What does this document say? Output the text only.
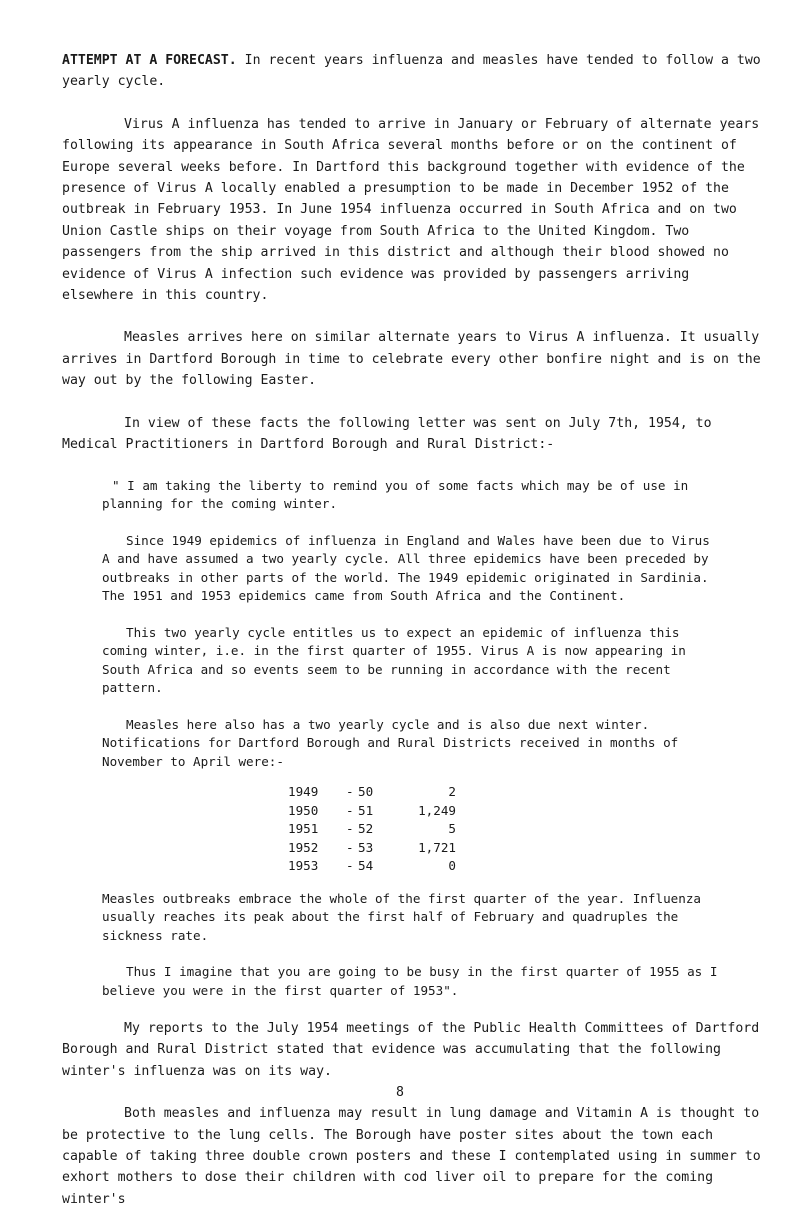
ATTEMPT AT A FORECAST. In recent years influenza and measles have tended to follow a two yearly cycle.

Virus A influenza has tended to arrive in January or February of alternate years following its appearance in South Africa several months before or on the continent of Europe several weeks before. In Dartford this background together with evidence of the presence of Virus A locally enabled a presumption to be made in December 1952 of the outbreak in February 1953. In June 1954 influenza occurred in South Africa and on two Union Castle ships on their voyage from South Africa to the United Kingdom. Two passengers from the ship arrived in this district and although their blood showed no evidence of Virus A infection such evidence was provided by passengers arriving elsewhere in this country.

Measles arrives here on similar alternate years to Virus A influenza. It usually arrives in Dartford Borough in time to celebrate every other bonfire night and is on the way out by the following Easter.

In view of these facts the following letter was sent on July 7th, 1954, to Medical Practitioners in Dartford Borough and Rural District:-

" I am taking the liberty to remind you of some facts which may be of use in planning for the coming winter.

Since 1949 epidemics of influenza in England and Wales have been due to Virus A and have assumed a two yearly cycle. All three epidemics have been preceded by outbreaks in other parts of the world. The 1949 epidemic originated in Sardinia. The 1951 and 1953 epidemics came from South Africa and the Continent.

This two yearly cycle entitles us to expect an epidemic of influenza this coming winter, i.e. in the first quarter of 1955. Virus A is now appearing in South Africa and so events seem to be running in accordance with the recent pattern.

Measles here also has a two yearly cycle and is also due next winter. Notifications for Dartford Borough and Rural Districts received in months of November to April were:-

1949	-	50	2
1950	-	51	1,249
1951	-	52	5
1952	-	53	1,721
1953	-	54	0

Measles outbreaks embrace the whole of the first quarter of the year. Influenza usually reaches its peak about the first half of February and quadruples the sickness rate.

Thus I imagine that you are going to be busy in the first quarter of 1955 as I believe you were in the first quarter of 1953".

My reports to the July 1954 meetings of the Public Health Committees of Dartford Borough and Rural District stated that evidence was accumulating that the following winter's influenza was on its way.

Both measles and influenza may result in lung damage and Vitamin A is thought to be protective to the lung cells. The Borough have poster sites about the town each capable of taking three double crown posters and these I contemplated using in summer to exhort mothers to dose their children with cod liver oil to prepare for the coming winter's

8
